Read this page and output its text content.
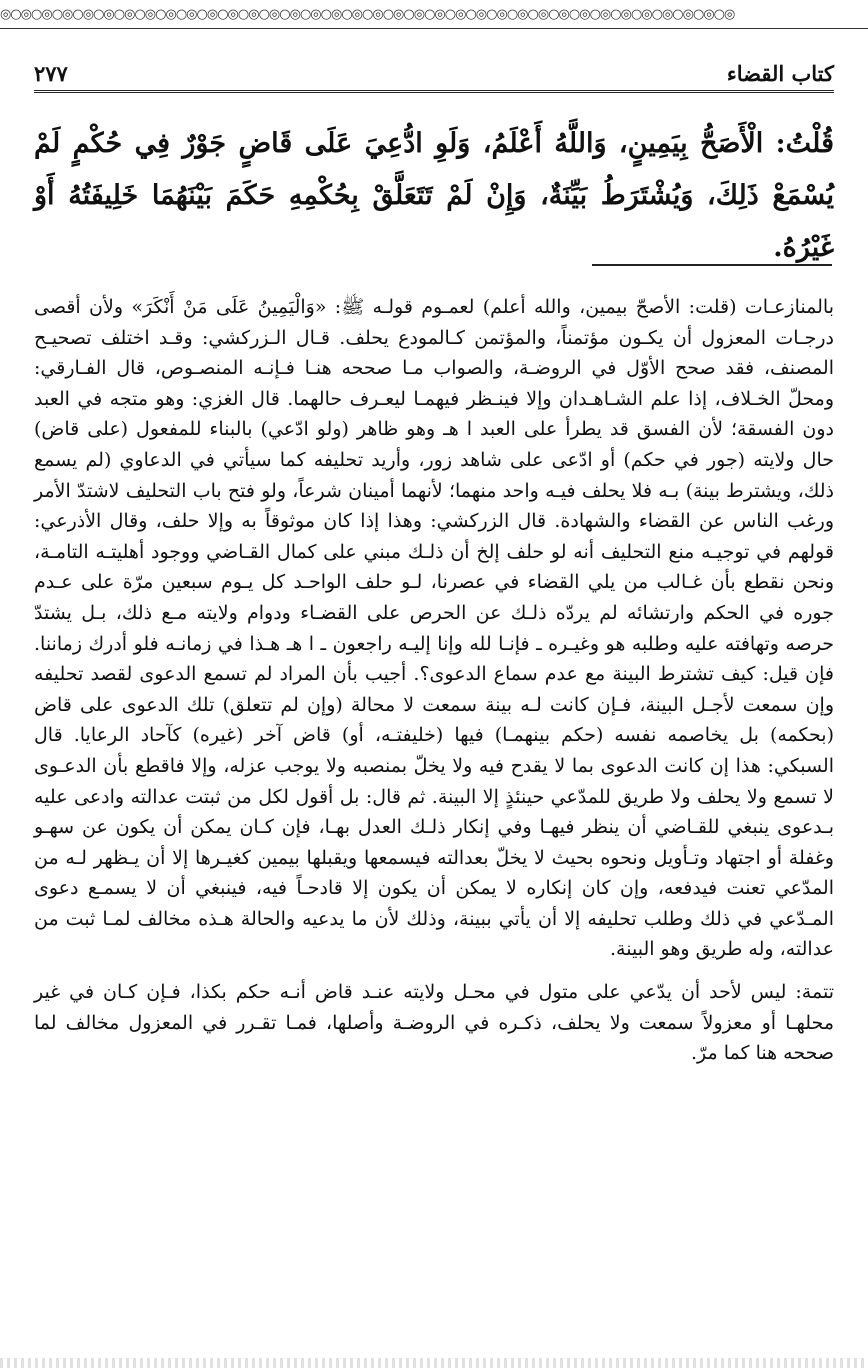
◎○◎○◎○◎○◎○◎○◎○◎○◎○◎○◎○◎○◎○◎○◎○◎○◎○◎○◎○◎○◎○◎○◎○◎○◎○◎○◎○◎○◎○◎○◎○◎○◎○◎○◎○◎
كتاب القضاء
٢٧٧
قُلْتُ: الْأَصَحُّ بِيَمِينٍ، وَاللَّهُ أَعْلَمُ، وَلَوِ ادُّعِيَ عَلَى قَاضٍ جَوْرٌ فِي حُكْمٍ لَمْ يُسْمَعْ ذَلِكَ، وَيُشْتَرَطُ بَيِّنَةٌ، وَإِنْ لَمْ تَتَعَلَّقْ بِحُكْمِهِ حَكَمَ بَيْنَهُمَا خَلِيفَتُهُ أَوْ غَيْرُهُ.

بالمنازعـات (قلت: الأصحّ بيمين، والله أعلم) لعمـوم قولـه ﷺ: «وَالْيَمِينُ عَلَى مَنْ أَنْكَرَ» ولأن أقصى درجـات المعزول أن يكـون مؤتمناً، والمؤتمن كـالمودع يحلف. قـال الـزركشي: وقـد اختلف تصحيـح المصنف، فقد صحح الأوّل في الروضـة، والصواب مـا صححه هنـا فـإنـه المنصـوص، قال الفـارقي: ومحلّ الخـلاف، إذا علم الشـاهـدان وإلا فينـظر فيهمـا ليعـرف حالهما. قال الغزي: وهو متجه في العبد دون الفسقة؛ لأن الفسق قد يطرأ على العبد ا هـ وهو ظاهر (ولو ادّعي) بالبناء للمفعول (على قاض) حال ولايته (جور في حكم) أو ادّعى على شاهد زور، وأريد تحليفه كما سيأتي في الدعاوي (لم يسمع ذلك، ويشترط بينة) بـه فلا يحلف فيـه واحد منهما؛ لأنهما أمينان شرعاً، ولو فتح باب التحليف لاشتدّ الأمر ورغب الناس عن القضاء والشهادة. قال الزركشي: وهذا إذا كان موثوقاً به وإلا حلف، وقال الأذرعي: قولهم في توجيـه منع التحليف أنه لو حلف إلخ أن ذلـك مبني على كمال القـاضي ووجود أهليتـه التامـة، ونحن نقطع بأن غـالب من يلي القضاء في عصرنا، لـو حلف الواحـد كل يـوم سبعين مرّة على عـدم جوره في الحكم وارتشائه لم يردّه ذلـك عن الحرص على القضـاء ودوام ولايته مـع ذلك، بـل يشتدّ حرصه وتهافته عليه وطلبه هو وغيـره ـ فإنـا لله وإنا إليـه راجعون ـ ا هـ هـذا في زمانـه فلو أدرك زماننا. فإن قيل: كيف تشترط البينة مع عدم سماع الدعوى؟. أجيب بأن المراد لم تسمع الدعوى لقصد تحليفه وإن سمعت لأجـل البينة، فـإن كانت لـه بينة سمعت لا محالة (وإن لم تتعلق) تلك الدعوى على قاض (بحكمه) بل يخاصمه نفسه (حكم بينهمـا) فيها (خليفتـه، أو) قاض آخر (غيره) كآحاد الرعايا. قال السبكي: هذا إن كانت الدعوى بما لا يقدح فيه ولا يخلّ بمنصبه ولا يوجب عزله، وإلا فاقطع بأن الدعـوى لا تسمع ولا يحلف ولا طريق للمدّعي حينئذٍ إلا البينة. ثم قال: بل أقول لكل من ثبتت عدالته وادعى عليه بـدعوى ينبغي للقـاضي أن ينظر فيهـا وفي إنكار ذلـك العدل بهـا، فإن كـان يمكن أن يكون عن سهـو وغفلة أو اجتهاد وتـأويل ونحوه بحيث لا يخلّ بعدالته فيسمعها ويقبلها بيمين كغيـرها إلا أن يـظهر لـه من المدّعي تعنت فيدفعه، وإن كان إنكاره لا يمكن أن يكون إلا قادحـاً فيه، فينبغي أن لا يسمـع دعوى المـدّعي في ذلك وطلب تحليفه إلا أن يأتي ببينة، وذلك لأن ما يدعيه والحالة هـذه مخالف لمـا ثبت من عدالته، وله طريق وهو البينة.

تتمة: ليس لأحد أن يدّعي على متول في محـل ولايته عنـد قاض أنـه حكم بكذا، فـإن كـان في غير محلهـا أو معزولاً سمعت ولا يحلف، ذكـره في الروضـة وأصلها، فمـا تقـرر في المعزول مخالف لما صححه هنا كما مرّ.
